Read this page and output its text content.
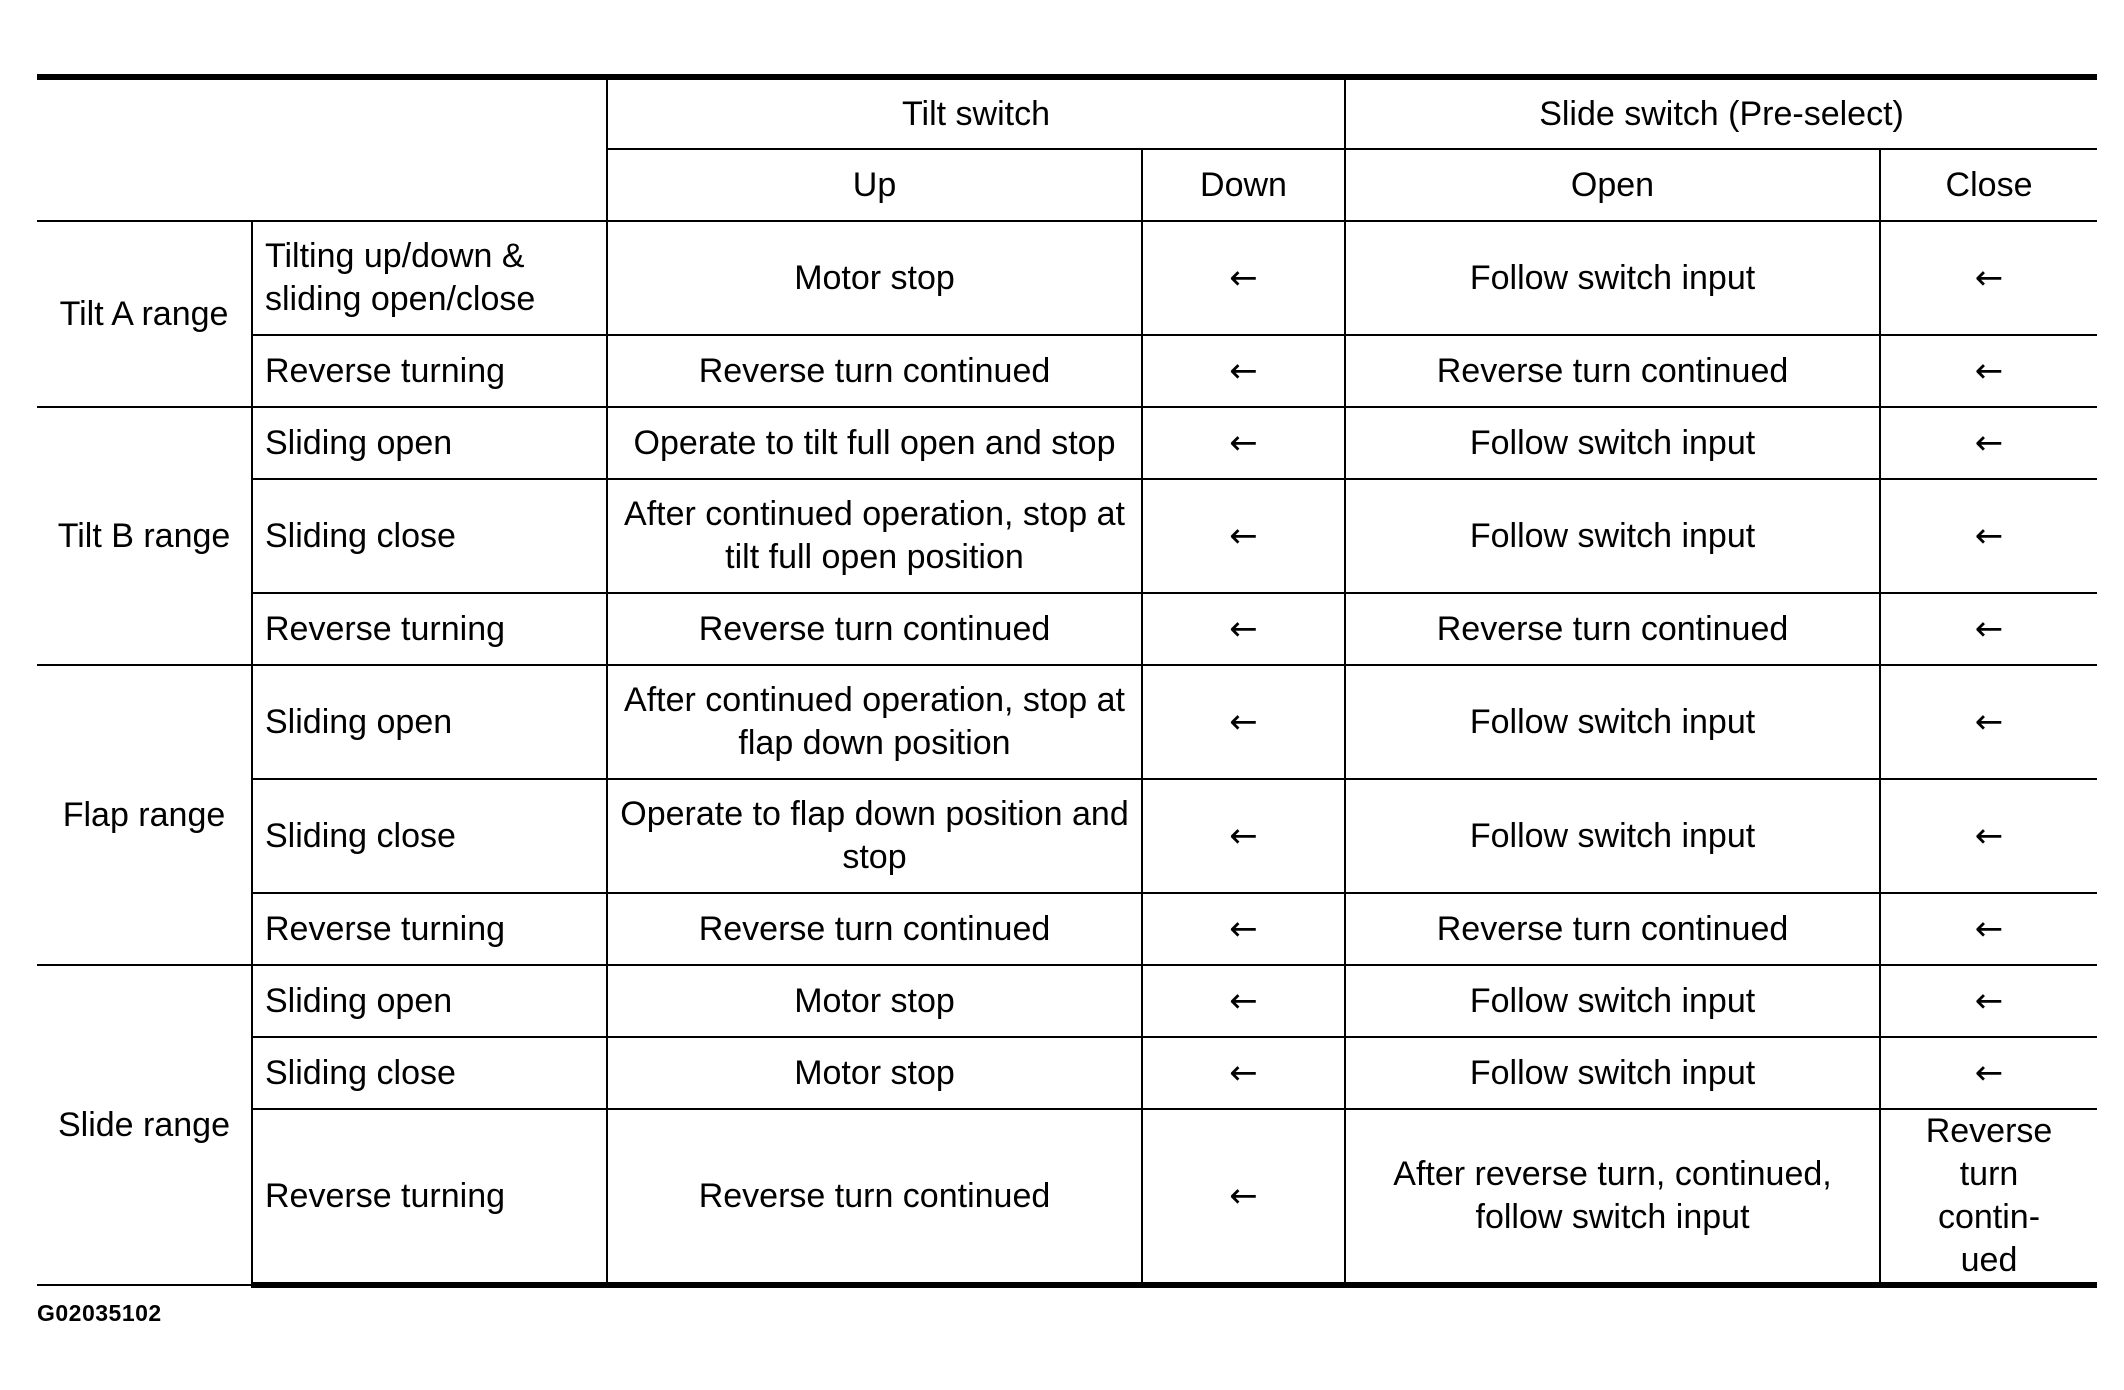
		Tilt switch		Slide switch (Pre-select)	
		Up	Down	Open	Close
Tilt A range	Tilting up/down & sliding open/close	Motor stop	←	Follow switch input	←
	Reverse turning	Reverse turn continued	←	Reverse turn continued	←
Tilt B range	Sliding open	Operate to tilt full open and stop	←	Follow switch input	←
	Sliding close	After continued operation, stop at tilt full open position	←	Follow switch input	←
	Reverse turning	Reverse turn continued	←	Reverse turn continued	←
Flap range	Sliding open	After continued operation, stop at flap down position	←	Follow switch input	←
	Sliding close	Operate to flap down position and stop	←	Follow switch input	←
	Reverse turning	Reverse turn continued	←	Reverse turn continued	←
Slide range	Sliding open	Motor stop	←	Follow switch input	←
	Sliding close	Motor stop	←	Follow switch input	←
	Reverse turning	Reverse turn continued	←	After reverse turn, continued, follow switch input	Reverse turn contin-ued
G02035102
